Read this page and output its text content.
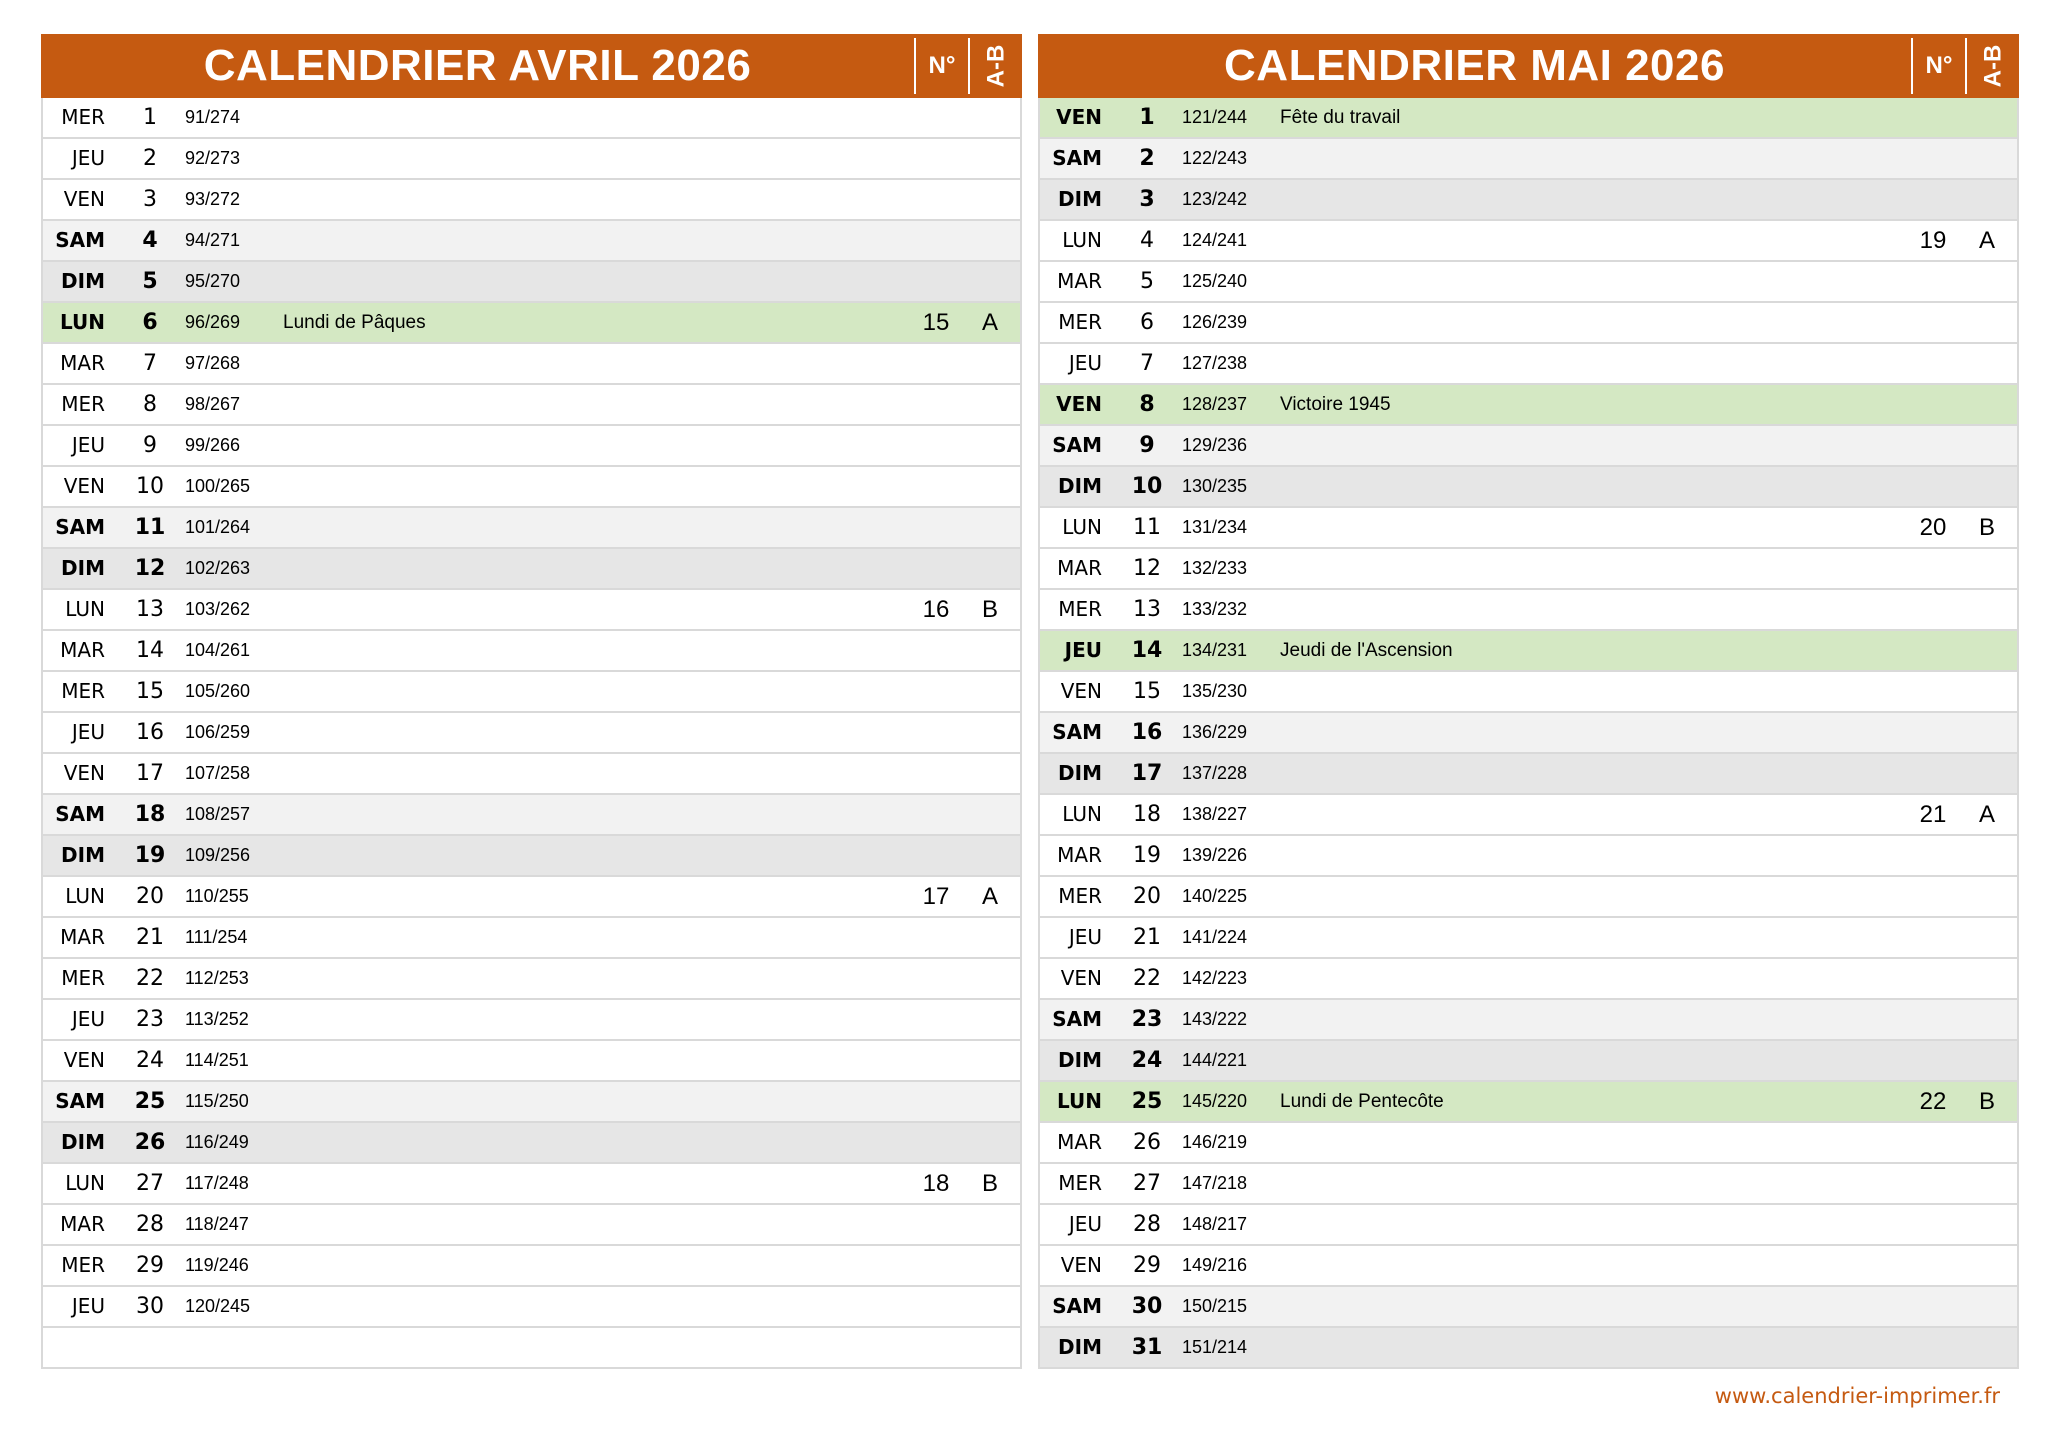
CALENDRIER AVRIL 2026	N°	A-B
MER	1	91/274
JEU	2	92/273
VEN	3	93/272
SAM	4	94/271
DIM	5	95/270
LUN	6	96/269 Lundi de Pâques	15	A
MAR	7	97/268
MER	8	98/267
JEU	9	99/266
VEN	10	100/265
SAM	11	101/264
DIM	12	102/263
LUN	13	103/262	16	B
MAR	14	104/261
MER	15	105/260
JEU	16	106/259
VEN	17	107/258
SAM	18	108/257
DIM	19	109/256
LUN	20	110/255	17	A
MAR	21	111/254
MER	22	112/253
JEU	23	113/252
VEN	24	114/251
SAM	25	115/250
DIM	26	116/249
LUN	27	117/248	18	B
MAR	28	118/247
MER	29	119/246
JEU	30	120/245
CALENDRIER MAI 2026	N°	A-B
VEN	1	121/244 Fête du travail
SAM	2	122/243
DIM	3	123/242
LUN	4	124/241	19	A
MAR	5	125/240
MER	6	126/239
JEU	7	127/238
VEN	8	128/237 Victoire 1945
SAM	9	129/236
DIM	10	130/235
LUN	11	131/234	20	B
MAR	12	132/233
MER	13	133/232
JEU	14	134/231 Jeudi de l'Ascension
VEN	15	135/230
SAM	16	136/229
DIM	17	137/228
LUN	18	138/227	21	A
MAR	19	139/226
MER	20	140/225
JEU	21	141/224
VEN	22	142/223
SAM	23	143/222
DIM	24	144/221
LUN	25	145/220 Lundi de Pentecôte	22	B
MAR	26	146/219
MER	27	147/218
JEU	28	148/217
VEN	29	149/216
SAM	30	150/215
DIM	31	151/214
www.calendrier-imprimer.fr
